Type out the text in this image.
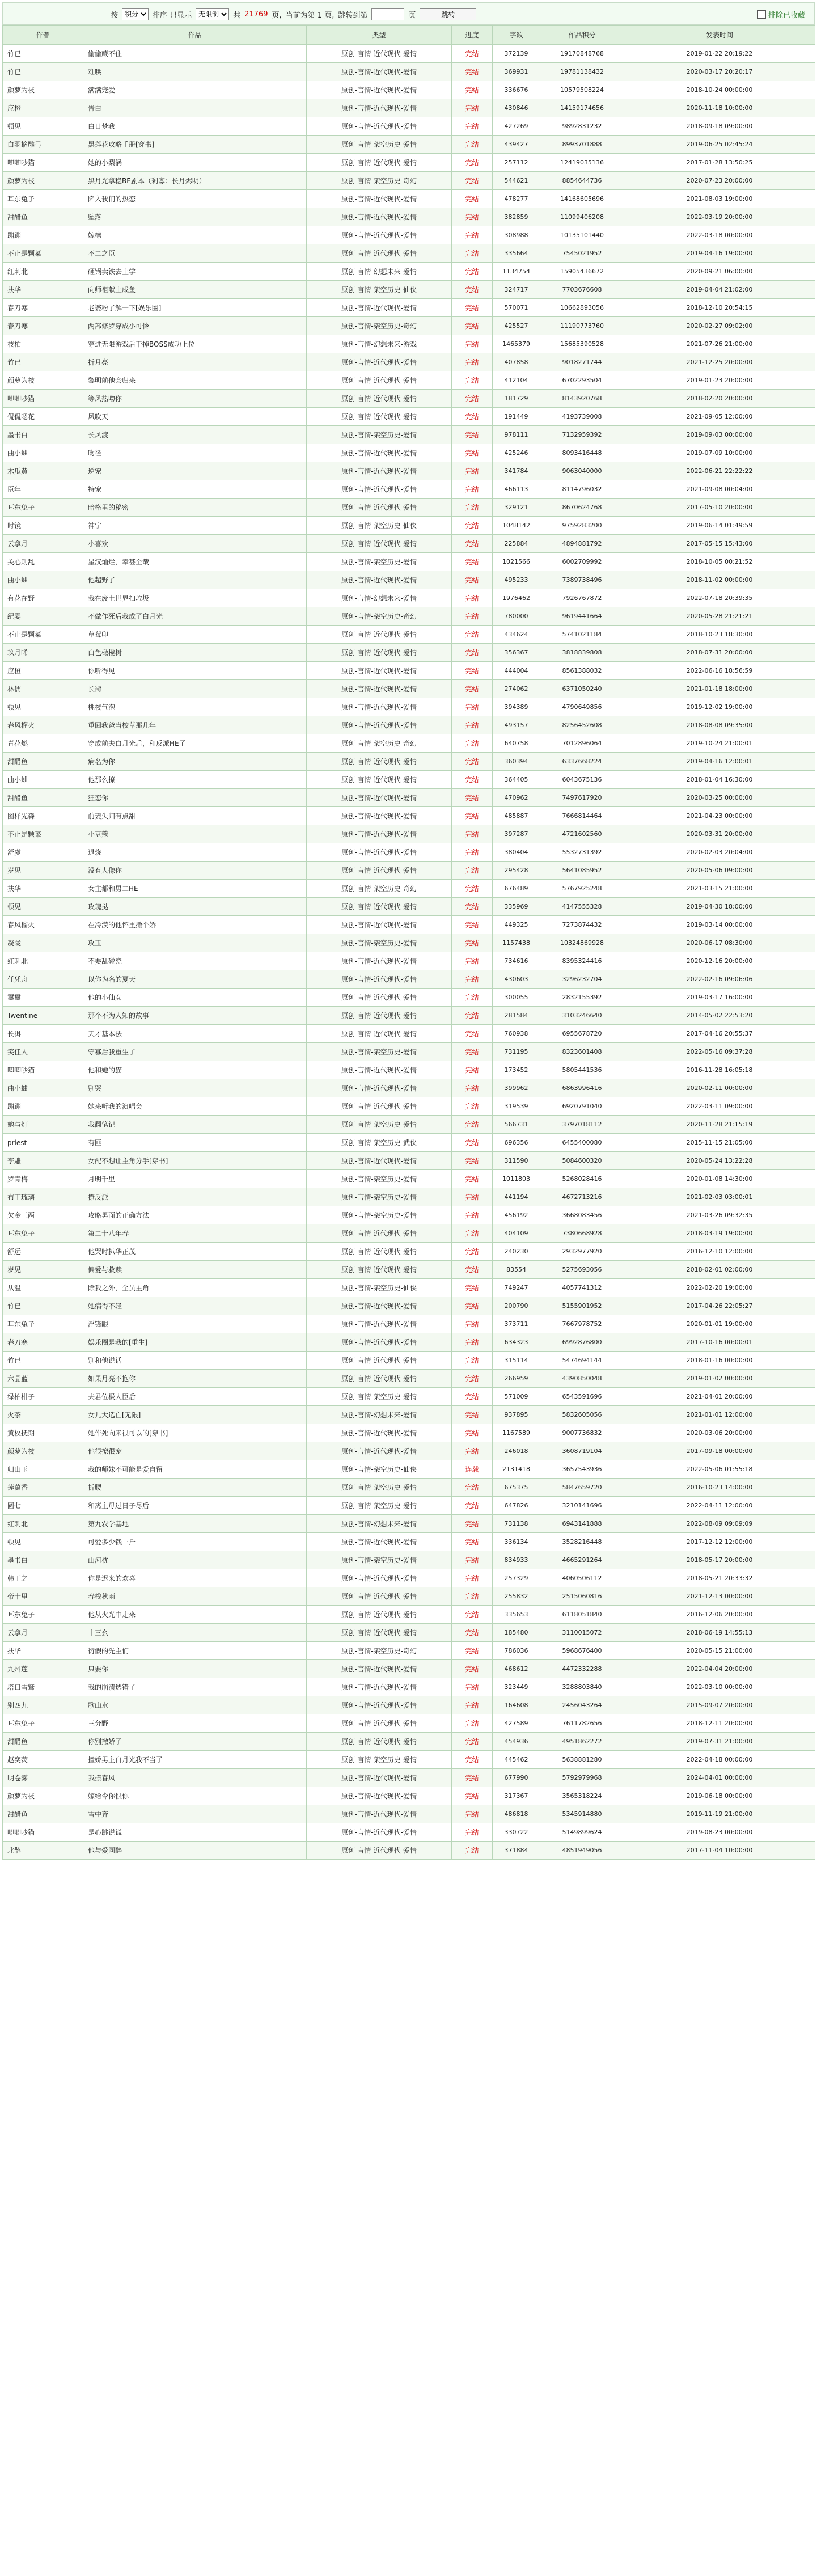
按
积分	排序 只显示
无限制	共 21769 页, 当前为第 1 页, 跳转到第	页	跳转	排除已收藏
作者	作品	类型	进度	字数	作品积分	发表时间
竹已	偷偷藏不住	原创-言情-近代现代-爱情	完结	372139	19170848768	2019-01-22 20:19:22
竹已	难哄	原创-言情-近代现代-爱情	完结	369931	19781138432	2020-03-17 20:20:17
颜萝为枝	满满宠爱	原创-言情-近代现代-爱情	完结	336676	10579508224	2018-10-24 00:00:00
应橙	告白	原创-言情-近代现代-爱情	完结	430846	14159174656	2020-11-18 10:00:00
顿见	白日梦我	原创-言情-近代现代-爱情	完结	427269	9892831232	2018-09-18 09:00:00
白羽摘雕弓	黑莲花攻略手册[穿书]	原创-言情-架空历史-爱情	完结	439427	8993701888	2019-06-25 02:45:24
唧唧吵猫	她的小梨涡	原创-言情-近代现代-爱情	完结	257112	12419035136	2017-01-28 13:50:25
颜萝为枝	黑月光拿稳BE剧本（剩寡：长月烬明）	原创-言情-架空历史-奇幻	完结	544621	8854644736	2020-07-23 20:00:00
耳东兔子	陷入我们的热恋	原创-言情-近代现代-爱情	完结	478277	14168605696	2021-08-03 19:00:00
甜醋鱼	坠落	原创-言情-近代现代-爱情	完结	382859	11099406208	2022-03-19 20:00:00
蹦蹦	嫁檩	原创-言情-近代现代-爱情	完结	308988	10135101440	2022-03-18 00:00:00
不止是颗菜	不二之臣	原创-言情-近代现代-爱情	完结	335664	7545021952	2019-04-16 19:00:00
红刺北	砸锅卖铁去上学	原创-言情-幻想未来-爱情	完结	1134754	15905436672	2020-09-21 06:00:00
扶华	向师祖献上咸鱼	原创-言情-架空历史-仙侠	完结	324717	7703676608	2019-04-04 21:02:00
春刀寒	老婆粉了解一下[娱乐圈]	原创-言情-近代现代-爱情	完结	570071	10662893056	2018-12-10 20:54:15
春刀寒	两部修罗穿成小可怜	原创-言情-架空历史-奇幻	完结	425527	11190773760	2020-02-27 09:02:00
枝柏	穿进无限游戏后干掉BOSS成功上位	原创-言情-幻想未来-游戏	完结	1465379	15685390528	2021-07-26 21:00:00
竹已	折月亮	原创-言情-近代现代-爱情	完结	407858	9018271744	2021-12-25 20:00:00
颜萝为枝	黎明前他会归来	原创-言情-近代现代-爱情	完结	412104	6702293504	2019-01-23 20:00:00
唧唧吵猫	等风热吻你	原创-言情-近代现代-爱情	完结	181729	8143920768	2018-02-20 20:00:00
侃侃嗯花	风吹天	原创-言情-近代现代-爱情	完结	191449	4193739008	2021-09-05 12:00:00
墨书白	长风渡	原创-言情-架空历史-爱情	完结	978111	7132959392	2019-09-03 00:00:00
曲小蛐	吻径	原创-言情-近代现代-爱情	完结	425246	8093416448	2019-07-09 10:00:00
木瓜黄	逆宠	原创-言情-近代现代-爱情	完结	341784	9063040000	2022-06-21 22:22:22
臣年	特宠	原创-言情-近代现代-爱情	完结	466113	8114796032	2021-09-08 00:04:00
耳东兔子	暗格里的秘密	原创-言情-近代现代-爱情	完结	329121	8670624768	2017-05-10 20:00:00
时镜	神宁	原创-言情-架空历史-仙侠	完结	1048142	9759283200	2019-06-14 01:49:59
云拿月	小喜欢	原创-言情-近代现代-爱情	完结	225884	4894881792	2017-05-15 15:43:00
关心则乱	星汉灿烂，幸甚至哉	原创-言情-架空历史-爱情	完结	1021566	6002709992	2018-10-05 00:21:52
曲小蛐	他超野了	原创-言情-近代现代-爱情	完结	495233	7389738496	2018-11-02 00:00:00
有花在野	我在废土世界扫垃圾	原创-言情-幻想未来-爱情	完结	1976462	7926767872	2022-07-18 20:39:35
纪婴	不做作死后我成了白月光	原创-言情-架空历史-奇幻	完结	780000	9619441664	2020-05-28 21:21:21
不止是颗菜	草莓印	原创-言情-近代现代-爱情	完结	434624	5741021184	2018-10-23 18:30:00
玖月晞	白色橄榄树	原创-言情-近代现代-爱情	完结	356367	3818839808	2018-07-31 20:00:00
应橙	你听得见	原创-言情-近代现代-爱情	完结	444004	8561388032	2022-06-16 18:56:59
林儒	长街	原创-言情-近代现代-爱情	完结	274062	6371050240	2021-01-18 18:00:00
顿见	桃枝气泡	原创-言情-近代现代-爱情	完结	394389	4790649856	2019-12-02 19:00:00
春风榴火	重回我爸当校草那几年	原创-言情-近代现代-爱情	完结	493157	8256452608	2018-08-08 09:35:00
青花燃	穿成前夫白月光后，和反派HE了	原创-言情-架空历史-奇幻	完结	640758	7012896064	2019-10-24 21:00:01
甜醋鱼	病名为你	原创-言情-近代现代-爱情	完结	360394	6337668224	2019-04-16 12:00:01
曲小蛐	他那么撩	原创-言情-近代现代-爱情	完结	364405	6043675136	2018-01-04 16:30:00
甜醋鱼	狂恋你	原创-言情-近代现代-爱情	完结	470962	7497617920	2020-03-25 00:00:00
图样先森	前妻失归有点甜	原创-言情-近代现代-爱情	完结	485887	7666814464	2021-04-23 00:00:00
不止是颗菜	小豆蔻	原创-言情-近代现代-爱情	完结	397287	4721602560	2020-03-31 20:00:00
舒虞	退烧	原创-言情-近代现代-爱情	完结	380404	5532731392	2020-02-03 20:04:00
岁见	没有人像你	原创-言情-近代现代-爱情	完结	295428	5641085952	2020-05-06 09:00:00
扶华	女主都和男二HE	原创-言情-架空历史-奇幻	完结	676489	5767925248	2021-03-15 21:00:00
顿见	玫瑰挞	原创-言情-近代现代-爱情	完结	335969	4147555328	2019-04-30 18:00:00
春风榴火	在冷漠的他怀里撒个娇	原创-言情-近代现代-爱情	完结	449325	7273874432	2019-03-14 00:00:00
凝陇	攻玉	原创-言情-架空历史-爱情	完结	1157438	10324869928	2020-06-17 08:30:00
红刺北	不要乱碰瓷	原创-言情-近代现代-爱情	完结	734616	8395324416	2020-12-16 20:00:00
任凭舟	以你为名的夏天	原创-言情-近代现代-爱情	完结	430603	3296232704	2022-02-16 09:06:06
璽璽	他的小仙女	原创-言情-近代现代-爱情	完结	300055	2832155392	2019-03-17 16:00:00
Twentine	那个不为人知的故事	原创-言情-近代现代-爱情	完结	281584	3103246640	2014-05-02 22:53:20
长洱	天才基本法	原创-言情-近代现代-爱情	完结	760938	6955678720	2017-04-16 20:55:37
笑佳人	守寡后我重生了	原创-言情-架空历史-爱情	完结	731195	8323601408	2022-05-16 09:37:28
唧唧吵猫	他和她的猫	原创-言情-近代现代-爱情	完结	173452	5805441536	2016-11-28 16:05:18
曲小蛐	别哭	原创-言情-近代现代-爱情	完结	399962	6863996416	2020-02-11 00:00:00
蹦蹦	她来听我的演唱会	原创-言情-近代现代-爱情	完结	319539	6920791040	2022-03-11 09:00:00
她与灯	我翻笔记	原创-言情-架空历史-爱情	完结	566731	3797018112	2020-11-28 21:15:19
priest	有匪	原创-言情-架空历史-武侠	完结	696356	6455400080	2015-11-15 21:05:00
李雕	女配不想让主角分手[穿书]	原创-言情-近代现代-爱情	完结	311590	5084600320	2020-05-24 13:22:28
罗青梅	月明千里	原创-言情-架空历史-爱情	完结	1011803	5268028416	2020-01-08 14:30:00
布丁琉璃	撩反派	原创-言情-架空历史-爱情	完结	441194	4672713216	2021-02-03 03:00:01
欠金三两	攻略男面的正确方法	原创-言情-架空历史-爱情	完结	456192	3668083456	2021-03-26 09:32:35
耳东兔子	第二十八年春	原创-言情-近代现代-爱情	完结	404109	7380668928	2018-03-19 19:00:00
舒远	他哭时扒华正茂	原创-言情-近代现代-爱情	完结	240230	2932977920	2016-12-10 12:00:00
岁见	偏爱与救赎	原创-言情-近代现代-爱情	完结	83554	5275693056	2018-02-01 02:00:00
从温	除我之外，全员主角	原创-言情-架空历史-仙侠	完结	749247	4057741312	2022-02-20 19:00:00
竹已	她病得不轻	原创-言情-近代现代-爱情	完结	200790	5155901952	2017-04-26 22:05:27
耳东兔子	浮锋眼	原创-言情-近代现代-爱情	完结	373711	7667978752	2020-01-01 19:00:00
春刀寒	娱乐圈是我的[重生]	原创-言情-近代现代-爱情	完结	634323	6992876800	2017-10-16 00:00:01
竹已	别和他说话	原创-言情-近代现代-爱情	完结	315114	5474694144	2018-01-16 00:00:00
六晶蓝	如果月亮不抱你	原创-言情-近代现代-爱情	完结	266959	4390850048	2019-01-02 00:00:00
绿柏柑子	夫君位极人臣后	原创-言情-架空历史-爱情	完结	571009	6543591696	2021-04-01 20:00:00
火茶	女儿大选亡[无限]	原创-言情-幻想未来-爱情	完结	937895	5832605056	2021-01-01 12:00:00
黄枚抚期	她作死向来很可以的[穿书]	原创-言情-近代现代-爱情	完结	1167589	9007736832	2020-03-06 20:00:00
颜萝为枝	他很撩很宠	原创-言情-近代现代-爱情	完结	246018	3608719104	2017-09-18 00:00:00
归山玉	我的师妹不可能是爱自留	原创-言情-架空历史-仙侠	连载	2131418	3657543936	2022-05-06 01:55:18
莲萬香	折腰	原创-言情-架空历史-爱情	完结	675375	5847659720	2016-10-23 14:00:00
圆七	和离主母过日子尽后	原创-言情-架空历史-爱情	完结	647826	3210141696	2022-04-11 12:00:00
红刺北	第九农学基地	原创-言情-幻想未来-爱情	完结	731138	6943141888	2022-08-09 09:09:09
顿见	可爱多少钱一斤	原创-言情-近代现代-爱情	完结	336134	3528216448	2017-12-12 12:00:00
墨书白	山河枕	原创-言情-架空历史-爱情	完结	834933	4665291264	2018-05-17 20:00:00
韩丁之	你是迟来的欢喜	原创-言情-近代现代-爱情	完结	257329	4060506112	2018-05-21 20:33:32
帝十里	春栈秋雨	原创-言情-近代现代-爱情	完结	255832	2515060816	2021-12-13 00:00:00
耳东兔子	他从火光中走来	原创-言情-近代现代-爱情	完结	335653	6118051840	2016-12-06 20:00:00
云拿月	十三幺	原创-言情-近代现代-爱情	完结	185480	3110015072	2018-06-19 14:55:13
扶华	衍假的先主们	原创-言情-架空历史-奇幻	完结	786036	5968676400	2020-05-15 21:00:00
九州莲	只要你	原创-言情-近代现代-爱情	完结	468612	4472332288	2022-04-04 20:00:00
塔口雪鹫	我的崩溃选错了	原创-言情-近代现代-爱情	完结	323449	3288803840	2022-03-10 00:00:00
别四九	歌山水	原创-言情-近代现代-爱情	完结	164608	2456043264	2015-09-07 20:00:00
耳东兔子	三分野	原创-言情-近代现代-爱情	完结	427589	7611782656	2018-12-11 20:00:00
甜醋鱼	你别撒娇了	原创-言情-近代现代-爱情	完结	454936	4951862272	2019-07-31 21:00:00
赵奕荧	撞娇男主白月光我不当了	原创-言情-架空历史-爱情	完结	445462	5638881280	2022-04-18 00:00:00
明卷雾	我撩春风	原创-言情-近代现代-爱情	完结	677990	5792979968	2024-04-01 00:00:00
颜萝为枝	嫁给令你恨你	原创-言情-近代现代-爱情	完结	317367	3565318224	2019-06-18 00:00:00
甜醋鱼	雪中奔	原创-言情-近代现代-爱情	完结	486818	5345914880	2019-11-19 21:00:00
唧唧吵猫	是心跳说谎	原创-言情-近代现代-爱情	完结	330722	5149899624	2019-08-23 00:00:00
北鹊	他与爱同醉	原创-言情-近代现代-爱情	完结	371884	4851949056	2017-11-04 10:00:00
